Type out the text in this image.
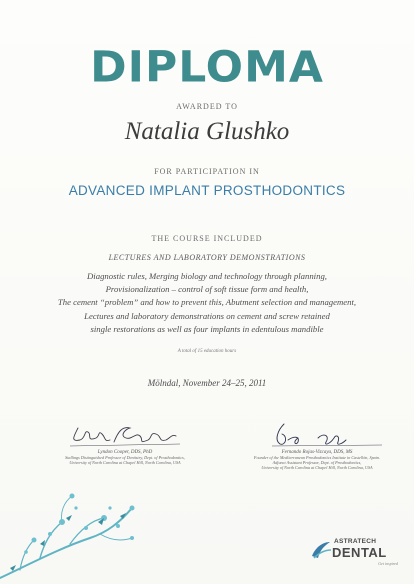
DIPLOMA
AWARDED TO
Natalia Glushko
FOR PARTICIPATION IN
ADVANCED IMPLANT PROSTHODONTICS
THE COURSE INCLUDED
LECTURES AND LABORATORY DEMONSTRATIONS
Diagnostic rules, Merging biology and technology through planning,
Provisionalization – control of soft tissue form and health,
The cement “problem” and how to prevent this, Abutment selection and management,
Lectures and laboratory demonstrations on cement and screw retained
single restorations as well as four implants in edentulous mandible
A total of 15 education hours
Mölndal, November 24–25, 2011
Lyndon Cooper, DDS, PhD
Stallings Distinguished Professor of Dentistry, Dept. of Prosthodontics,
University of North Carolina at Chapel Hill, North Carolina, USA
Fernando Rojas-Vizcaya, DDS, MS
Founder of the Mediterranean Prosthodontics Institute in Castellón, Spain.
Adjunct Assistant Professor, Dept. of Prosthodontics,
University of North Carolina at Chapel Hill, North Carolina, USA
ASTRATECH
DENTAL
Get inspired
